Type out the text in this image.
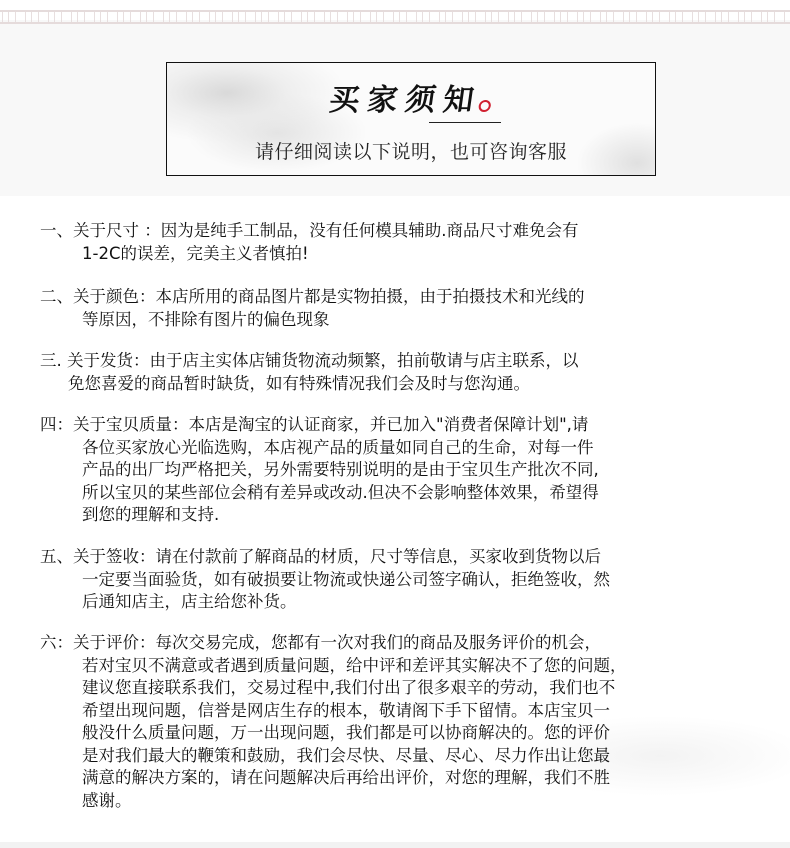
买家须知
请仔细阅读以下说明，也可咨询客服
一、关于尺寸 ：因为是纯手工制品，没有任何模具辅助.商品尺寸难免会有
1-2C的误差，完美主义者慎拍!
二、关于颜色：本店所用的商品图片都是实物拍摄，由于拍摄技术和光线的
等原因，不排除有图片的偏色现象
三. 关于发货：由于店主实体店铺货物流动频繁，拍前敬请与店主联系，以
免您喜爱的商品暂时缺货，如有特殊情况我们会及时与您沟通。
四：关于宝贝质量：本店是淘宝的认证商家，并已加入"消费者保障计划",请
各位买家放心光临选购，本店视产品的质量如同自己的生命，对每一件
产品的出厂均严格把关，另外需要特别说明的是由于宝贝生产批次不同,
所以宝贝的某些部位会稍有差异或改动.但决不会影响整体效果，希望得
到您的理解和支持.
五、关于签收：请在付款前了解商品的材质，尺寸等信息，买家收到货物以后
一定要当面验货，如有破损要让物流或快递公司签字确认，拒绝签收，然
后通知店主，店主给您补货。
六：关于评价：每次交易完成，您都有一次对我们的商品及服务评价的机会，
若对宝贝不满意或者遇到质量问题，给中评和差评其实解决不了您的问题，
建议您直接联系我们，交易过程中,我们付出了很多艰辛的劳动，我们也不
希望出现问题，信誉是网店生存的根本，敬请阁下手下留情。本店宝贝一
般没什么质量问题，万一出现问题，我们都是可以协商解决的。您的评价
是对我们最大的鞭策和鼓励，我们会尽快、尽量、尽心、尽力作出让您最
满意的解决方案的，请在问题解决后再给出评价，对您的理解，我们不胜
感谢。
